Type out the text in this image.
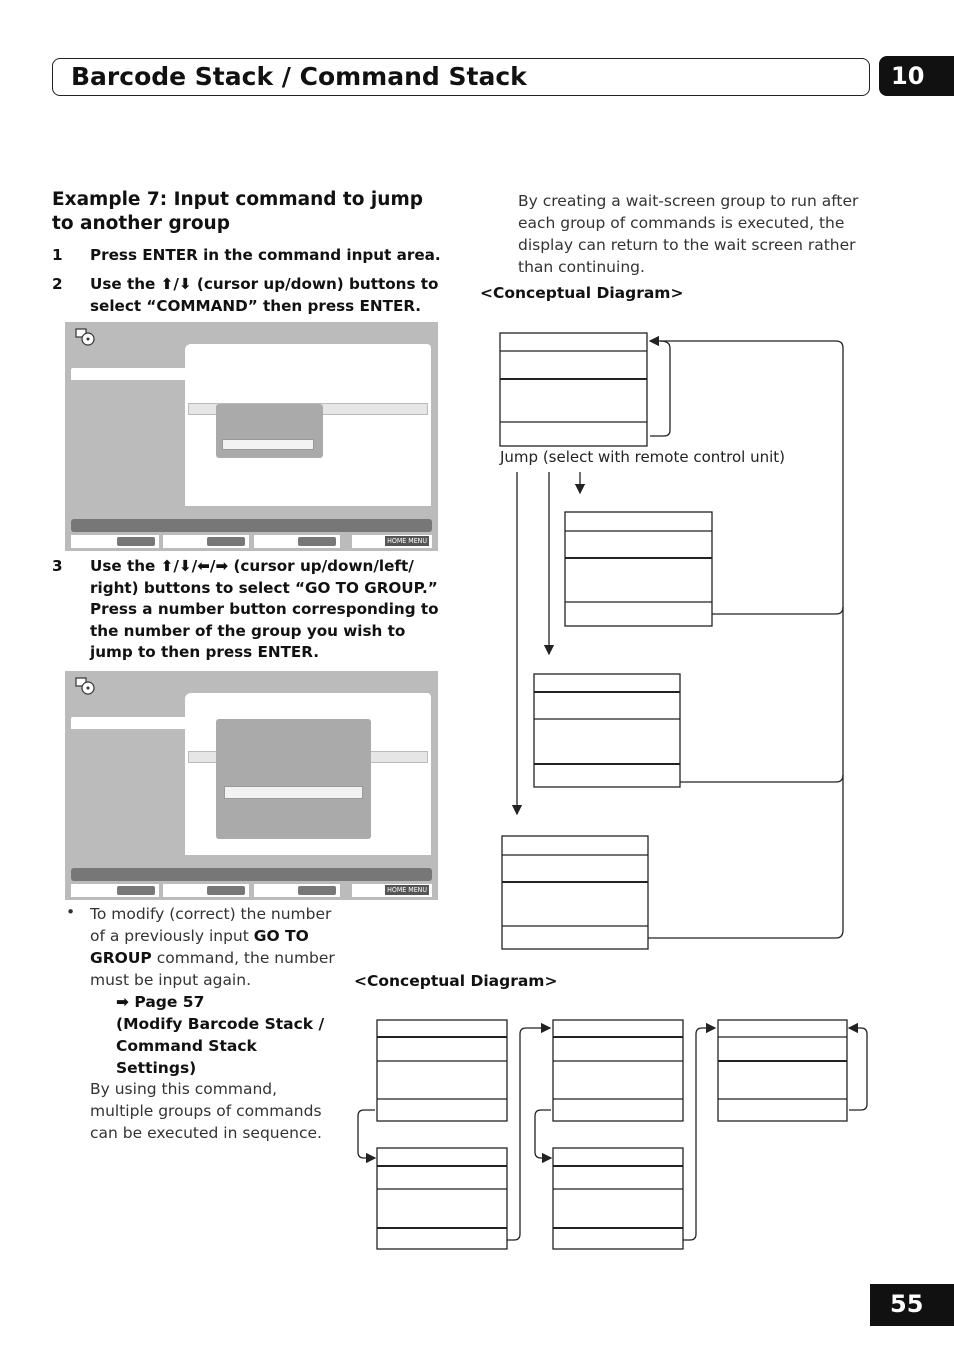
Barcode Stack / Command Stack	10
Example 7: Input command to jump to another group
1 Press ENTER in the command input area.
2 Use the ⬆/⬇ (cursor up/down) buttons to select “COMMAND” then press ENTER.
HOME MENU
3 Use the ⬆/⬇/⬅/➡ (cursor up/down/left/ right) buttons to select “GO TO GROUP.” Press a number button corresponding to the number of the group you wish to jump to then press ENTER.
HOME MENU
• To modify (correct) the number of a previously input GO TO GROUP command, the number must be input again.
➡ Page 57
(Modify Barcode Stack / Command Stack Settings)
By using this command, multiple groups of commands can be executed in sequence.
By creating a wait-screen group to run after each group of commands is executed, the display can return to the wait screen rather than continuing.
<Conceptual Diagram>
Jump (select with remote control unit)
<Conceptual Diagram>
55
